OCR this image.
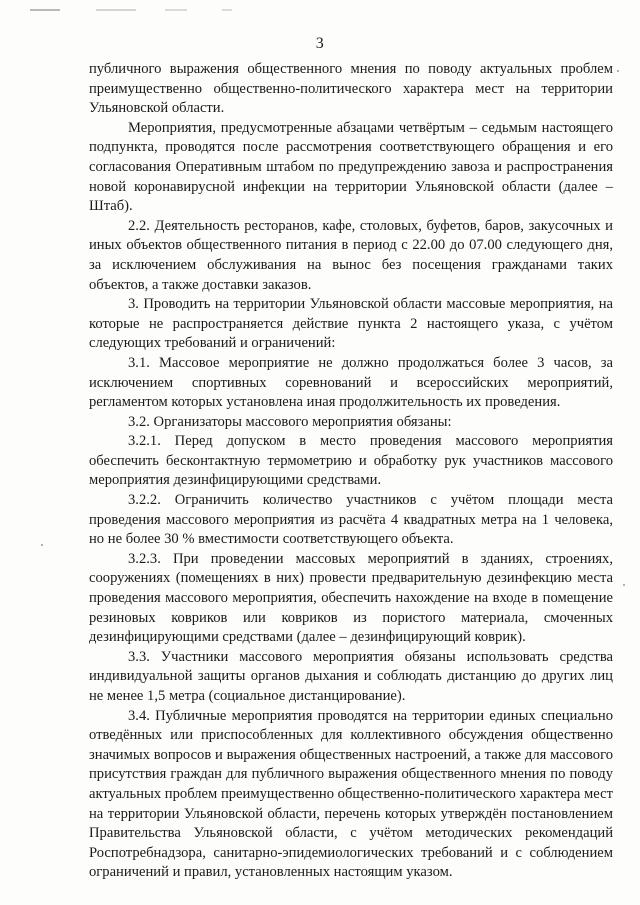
3

публичного выражения общественного мнения по поводу актуальных проблем преимущественно общественно-политического характера мест на территории Ульяновской области.

Мероприятия, предусмотренные абзацами четвёртым – седьмым настоящего подпункта, проводятся после рассмотрения соответствующего обращения и его согласования Оперативным штабом по предупреждению завоза и распространения новой коронавирусной инфекции на территории Ульяновской области (далее – Штаб).

2.2. Деятельность ресторанов, кафе, столовых, буфетов, баров, закусочных и иных объектов общественного питания в период с 22.00 до 07.00 следующего дня, за исключением обслуживания на вынос без посещения гражданами таких объектов, а также доставки заказов.

3. Проводить на территории Ульяновской области массовые мероприятия, на которые не распространяется действие пункта 2 настоящего указа, с учётом следующих требований и ограничений:

3.1. Массовое мероприятие не должно продолжаться более 3 часов, за исключением спортивных соревнований и всероссийских мероприятий, регламентом которых установлена иная продолжительность их проведения.

3.2. Организаторы массового мероприятия обязаны:

3.2.1. Перед допуском в место проведения массового мероприятия обеспечить бесконтактную термометрию и обработку рук участников массового мероприятия дезинфицирующими средствами.

3.2.2. Ограничить количество участников с учётом площади места проведения массового мероприятия из расчёта 4 квадратных метра на 1 человека, но не более 30 % вместимости соответствующего объекта.

3.2.3. При проведении массовых мероприятий в зданиях, строениях, сооружениях (помещениях в них) провести предварительную дезинфекцию места проведения массового мероприятия, обеспечить нахождение на входе в помещение резиновых ковриков или ковриков из пористого материала, смоченных дезинфицирующими средствами (далее – дезинфицирующий коврик).

3.3. Участники массового мероприятия обязаны использовать средства индивидуальной защиты органов дыхания и соблюдать дистанцию до других лиц не менее 1,5 метра (социальное дистанцирование).

3.4. Публичные мероприятия проводятся на территории единых специально отведённых или приспособленных для коллективного обсуждения общественно значимых вопросов и выражения общественных настроений, а также для массового присутствия граждан для публичного выражения общественного мнения по поводу актуальных проблем преимущественно общественно-политического характера мест на территории Ульяновской области, перечень которых утверждён постановлением Правительства Ульяновской области, с учётом методических рекомендаций Роспотребнадзора, санитарно-эпидемиологических требований и с соблюдением ограничений и правил, установленных настоящим указом.
